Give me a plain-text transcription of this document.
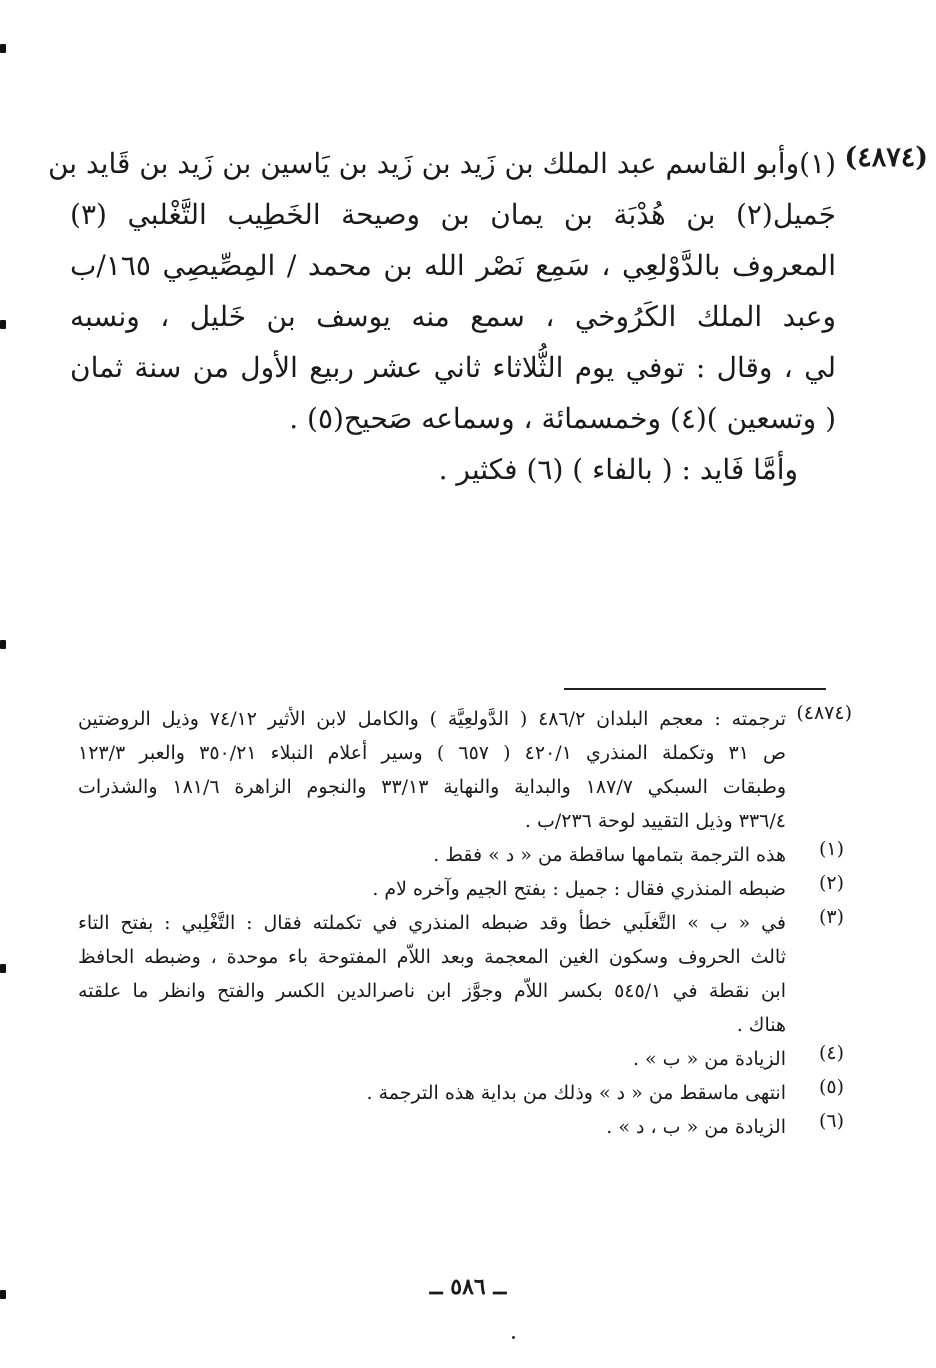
(٤٨٧٤)
(١)وأبو القاسم عبد الملك بن زَيد بن زَيد بن يَاسين بن زَيد بن قَايد بن
جَميل(٢) بن هُدْبَة بن يمان بن وصيحة الخَطِيب التَّغْلبي (٣)
المعروف بالدَّوْلعِي ، سَمِع نَصْر الله بن محمد / المِصِّيصِي ١٦٥/ب
وعبد الملك الكَرُوخي ، سمع منه يوسف بن خَليل ، ونسبه
لي ، وقال : توفي يوم الثُّلاثاء ثاني عشر ربيع الأول من سنة ثمان
( وتسعين )(٤) وخمسمائة ، وسماعه صَحيح(٥) .
وأمَّا فَايد : ( بالفاء ) (٦) فكثير .
(٤٨٧٤)
ترجمته : معجم البلدان ٤٨٦/٢ ( الدَّولعِيَّة ) والكامل لابن الأثير ٧٤/١٢ وذيل الروضتين
ص ٣١ وتكملة المنذري ٤٢٠/١ ( ٦٥٧ ) وسير أعلام النبلاء ٣٥٠/٢١ والعبر ١٢٣/٣
وطبقات السبكي ١٨٧/٧ والبداية والنهاية ٣٣/١٣ والنجوم الزاهرة ١٨١/٦ والشذرات
٣٣٦/٤ وذيل التقييد لوحة ٢٣٦/ب .
(١)
هذه الترجمة بتمامها ساقطة من « د » فقط .
(٢)
ضبطه المنذري فقال : جميل : بفتح الجيم وآخره لام .
(٣)
في « ب » التَّغلَبي خطأ وقد ضبطه المنذري في تكملته فقال : التَّغْلِبي : بفتح التاء
ثالث الحروف وسكون الغين المعجمة وبعد اللاّم المفتوحة باء موحدة ، وضبطه الحافظ
ابن نقطة في ٥٤٥/١ بكسر اللاّم وجوَّز ابن ناصرالدين الكسر والفتح وانظر ما علقته
هناك .
(٤)
الزيادة من « ب » .
(٥)
انتهى ماسقط من « د » وذلك من بداية هذه الترجمة .
(٦)
الزيادة من « ب ، د » .
ــ ٥٨٦ ــ
